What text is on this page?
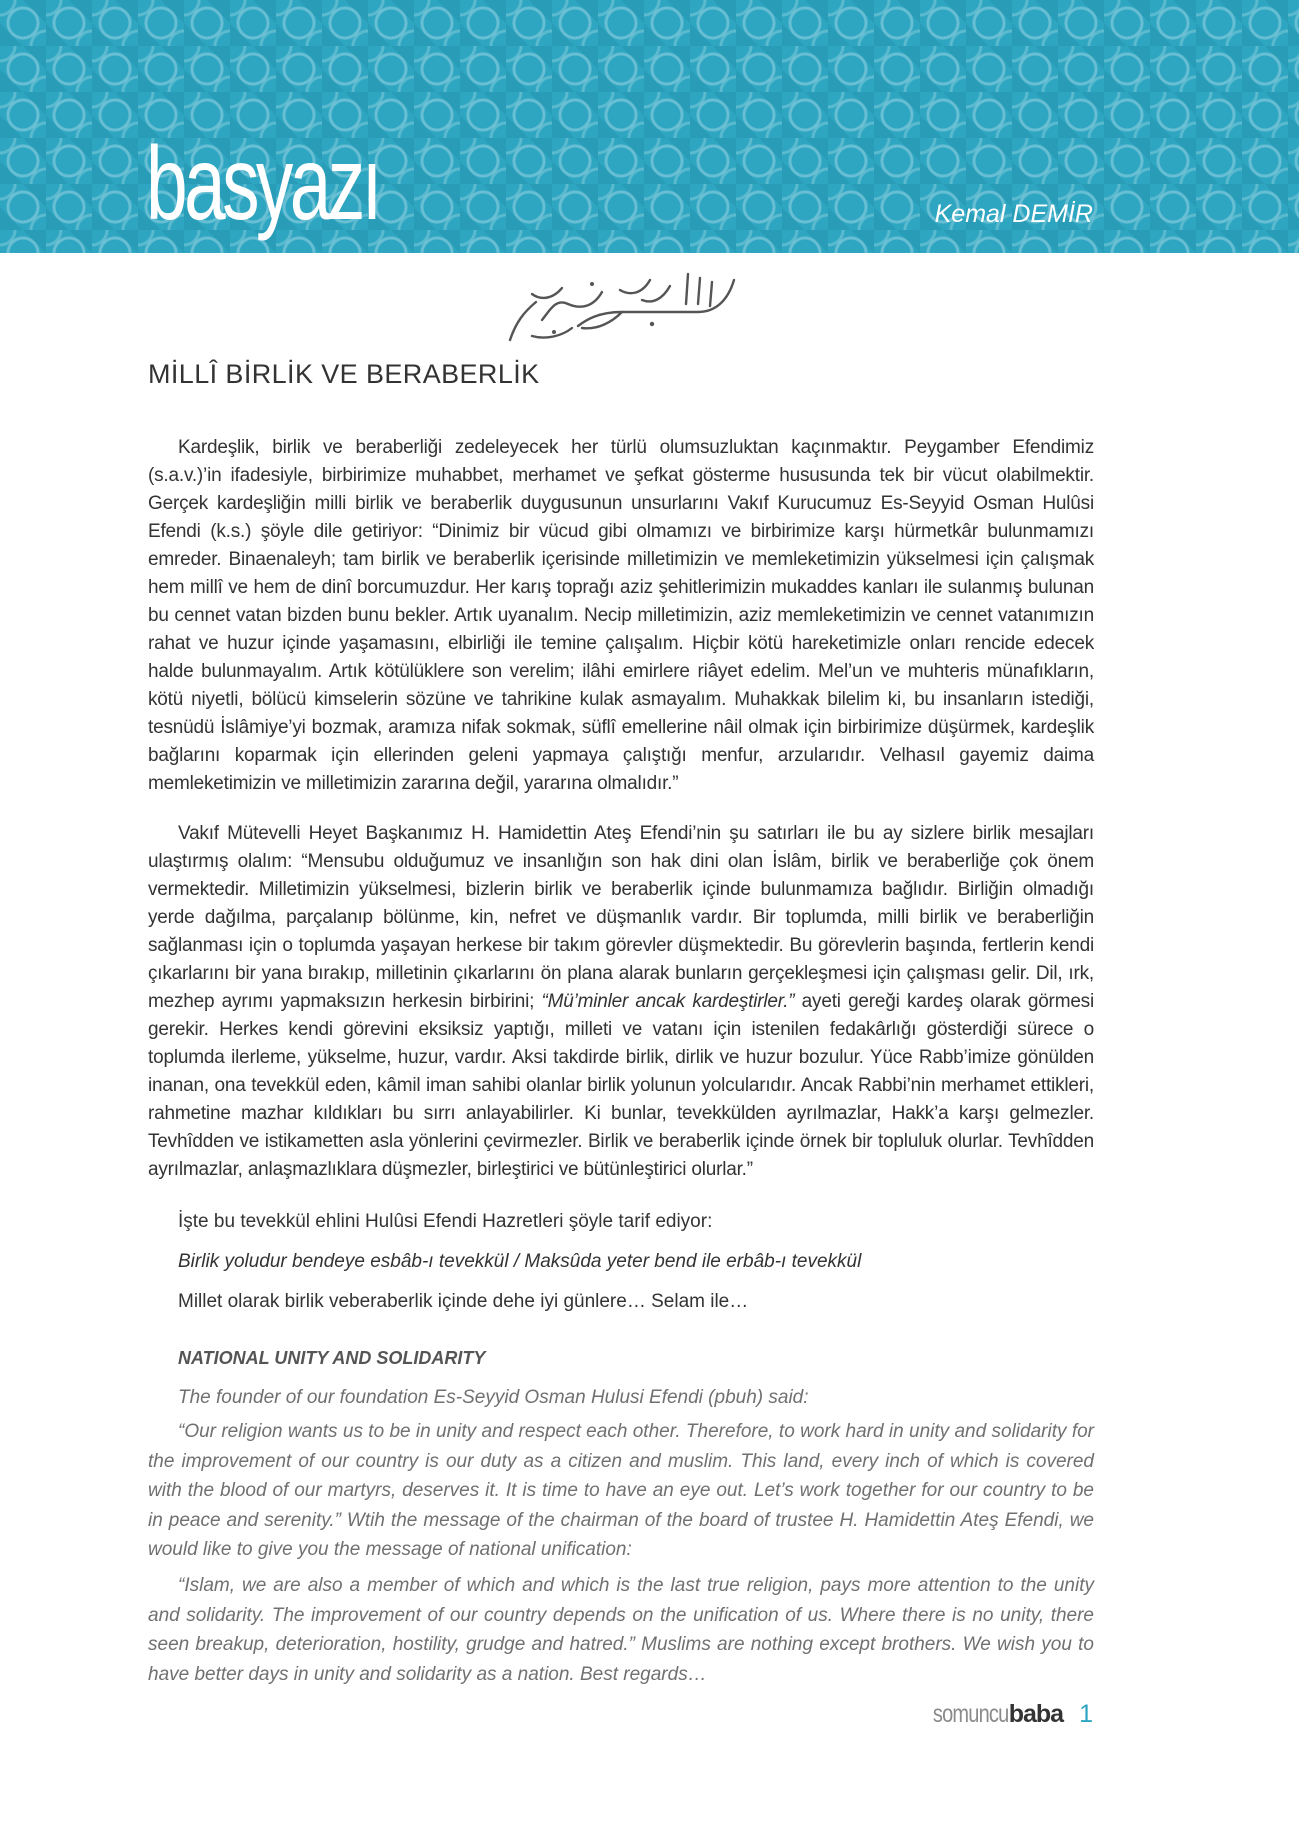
basyazı	Kemal DEMİR
MİLLÎ BİRLİK VE BERABERLİK

Kardeşlik, birlik ve beraberliği zedeleyecek her türlü olumsuzluktan kaçınmaktır. Peygamber Efendimiz (s.a.v.)’in ifadesiyle, birbirimize muhabbet, merhamet ve şefkat gösterme hususunda tek bir vücut olabilmektir. Gerçek kardeşliğin milli birlik ve beraberlik duygusunun unsurlarını Vakıf Kurucumuz Es-Seyyid Osman Hulûsi Efendi (k.s.) şöyle dile getiriyor: “Dinimiz bir vücud gibi olmamızı ve birbirimize karşı hürmetkâr bulunmamızı emreder. Binaenaleyh; tam birlik ve beraberlik içerisinde milletimizin ve memleketimizin yükselmesi için çalışmak hem millî ve hem de dinî borcumuzdur. Her karış toprağı aziz şehitlerimizin mukaddes kanları ile sulanmış bulunan bu cennet vatan bizden bunu bekler. Artık uyanalım. Necip milletimizin, aziz memleketimizin ve cennet vatanımızın rahat ve huzur içinde yaşamasını, elbirliği ile temine çalışalım. Hiçbir kötü hareketimizle onları rencide edecek halde bulunmayalım. Artık kötülüklere son verelim; ilâhi emirlere riâyet edelim. Mel’un ve muhteris münafıkların, kötü niyetli, bölücü kimselerin sözüne ve tahrikine kulak asmayalım. Muhakkak bilelim ki, bu insanların istediği, tesnüdü İslâmiye’yi bozmak, aramıza nifak sokmak, süflî emellerine nâil olmak için birbirimize düşürmek, kardeşlik bağlarını koparmak için ellerinden geleni yapmaya çalıştığı menfur, arzularıdır. Velhasıl gayemiz daima memleketimizin ve milletimizin zararına değil, yararına olmalıdır.”

Vakıf Mütevelli Heyet Başkanımız H. Hamidettin Ateş Efendi’nin şu satırları ile bu ay sizlere birlik mesajları ulaştırmış olalım: “Mensubu olduğumuz ve insanlığın son hak dini olan İslâm, birlik ve beraberliğe çok önem vermektedir. Milletimizin yükselmesi, bizlerin birlik ve beraberlik içinde bulunmamıza bağlıdır. Birliğin olmadığı yerde dağılma, parçalanıp bölünme, kin, nefret ve düşmanlık vardır. Bir toplumda, milli birlik ve beraberliğin sağlanması için o toplumda yaşayan herkese bir takım görevler düşmektedir. Bu görevlerin başında, fertlerin kendi çıkarlarını bir yana bırakıp, milletinin çıkarlarını ön plana alarak bunların gerçekleşmesi için çalışması gelir. Dil, ırk, mezhep ayrımı yapmaksızın herkesin birbirini; “Mü’minler ancak kardeştirler.” ayeti gereği kardeş olarak görmesi gerekir. Herkes kendi görevini eksiksiz yaptığı, milleti ve vatanı için istenilen fedakârlığı gösterdiği sürece o toplumda ilerleme, yükselme, huzur, vardır. Aksi takdirde birlik, dirlik ve huzur bozulur. Yüce Rabb’imize gönülden inanan, ona tevekkül eden, kâmil iman sahibi olanlar birlik yolunun yolcularıdır. Ancak Rabbi’nin merhamet ettikleri, rahmetine mazhar kıldıkları bu sırrı anlayabilirler. Ki bunlar, tevekkülden ayrılmazlar, Hakk’a karşı gelmezler. Tevhîdden ve istikametten asla yönlerini çevirmezler. Birlik ve beraberlik içinde örnek bir topluluk olurlar. Tevhîdden ayrılmazlar, anlaşmazlıklara düşmezler, birleştirici ve bütünleştirici olurlar.”

İşte bu tevekkül ehlini Hulûsi Efendi Hazretleri şöyle tarif ediyor:

Birlik yoludur bendeye esbâb-ı tevekkül / Maksûda yeter bend ile erbâb-ı tevekkül

Millet olarak birlik veberaberlik içinde dehe iyi günlere… Selam ile…

NATIONAL UNITY AND SOLIDARITY

The founder of our foundation Es-Seyyid Osman Hulusi Efendi (pbuh) said:

“Our religion wants us to be in unity and respect each other. Therefore, to work hard in unity and solidarity for the improvement of our country is our duty as a citizen and muslim. This land, every inch of which is covered with the blood of our martyrs, deserves it. It is time to have an eye out. Let’s work together for our country to be in peace and serenity.” Wtih the message of the chairman of the board of trustee H. Hamidettin Ateş Efendi, we would like to give you the message of national unification:

“Islam, we are also a member of which and which is the last true religion, pays more attention to the unity and solidarity. The improvement of our country depends on the unification of us. Where there is no unity, there seen breakup, deterioration, hostility, grudge and hatred.” Muslims are nothing except brothers. We wish you to have better days in unity and solidarity as a nation. Best regards…

somuncu baba 1
